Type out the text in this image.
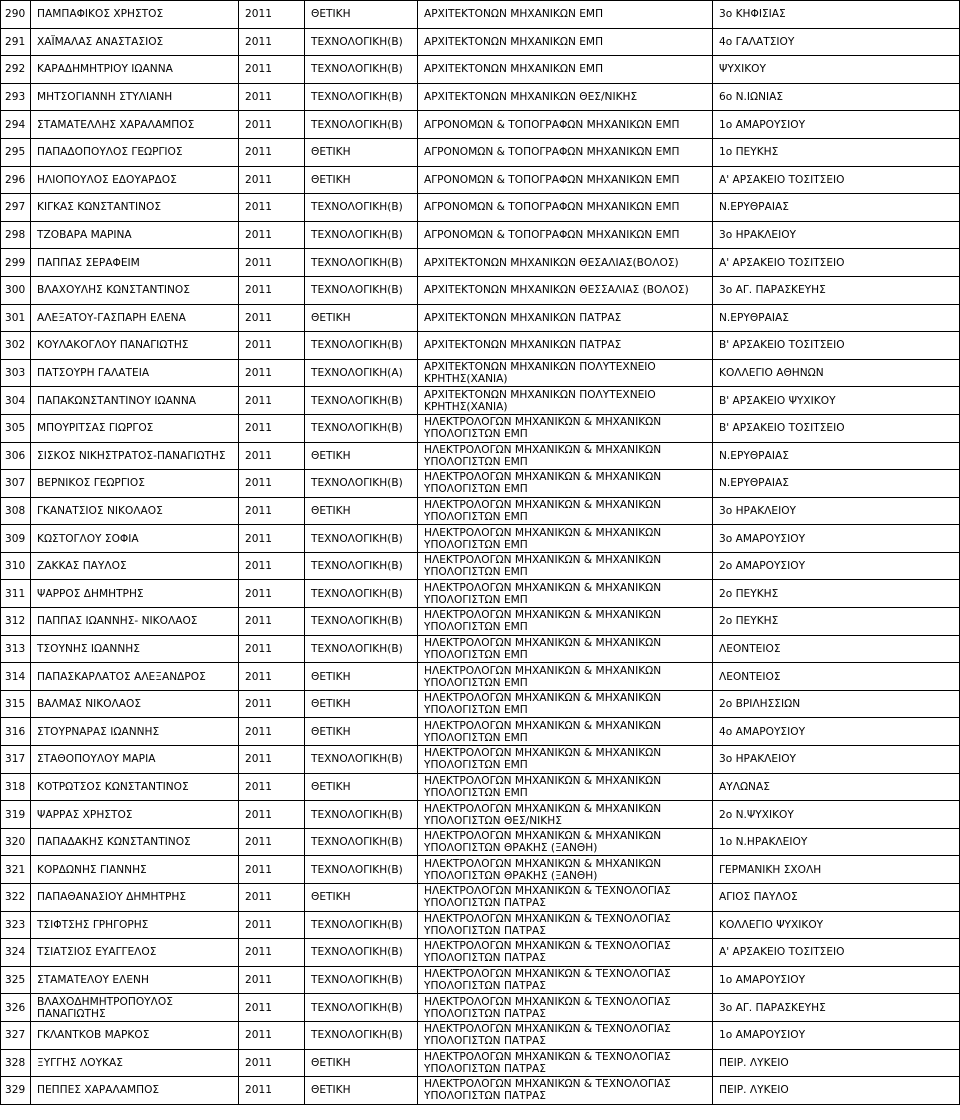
290	ΠΑΜΠΑΦΙΚΟΣ ΧΡΗΣΤΟΣ	2011	ΘΕΤΙΚΗ	ΑΡΧΙΤΕΚΤΟΝΩΝ ΜΗΧΑΝΙΚΩΝ ΕΜΠ	3ο ΚΗΦΙΣΙΑΣ
291	ΧΑΪΜΑΛΑΣ ΑΝΑΣΤΑΣΙΟΣ	2011	ΤΕΧΝΟΛΟΓΙΚΗ(Β)	ΑΡΧΙΤΕΚΤΟΝΩΝ ΜΗΧΑΝΙΚΩΝ ΕΜΠ	4ο ΓΑΛΑΤΣΙΟΥ
292	ΚΑΡΑΔΗΜΗΤΡΙΟΥ ΙΩΑΝΝΑ	2011	ΤΕΧΝΟΛΟΓΙΚΗ(Β)	ΑΡΧΙΤΕΚΤΟΝΩΝ ΜΗΧΑΝΙΚΩΝ ΕΜΠ	ΨΥΧΙΚΟΥ
293	ΜΗΤΣΟΓΙΑΝΝΗ ΣΤΥΛΙΑΝΗ	2011	ΤΕΧΝΟΛΟΓΙΚΗ(Β)	ΑΡΧΙΤΕΚΤΟΝΩΝ ΜΗΧΑΝΙΚΩΝ ΘΕΣ/ΝΙΚΗΣ	6ο Ν.ΙΩΝΙΑΣ
294	ΣΤΑΜΑΤΕΛΛΗΣ ΧΑΡΑΛΑΜΠΟΣ	2011	ΤΕΧΝΟΛΟΓΙΚΗ(Β)	ΑΓΡΟΝΟΜΩΝ & ΤΟΠΟΓΡΑΦΩΝ ΜΗΧΑΝΙΚΩΝ ΕΜΠ	1ο ΑΜΑΡΟΥΣΙΟΥ
295	ΠΑΠΑΔΟΠΟΥΛΟΣ ΓΕΩΡΓΙΟΣ	2011	ΘΕΤΙΚΗ	ΑΓΡΟΝΟΜΩΝ & ΤΟΠΟΓΡΑΦΩΝ ΜΗΧΑΝΙΚΩΝ ΕΜΠ	1ο ΠΕΥΚΗΣ
296	ΗΛΙΟΠΟΥΛΟΣ ΕΔΟΥΑΡΔΟΣ	2011	ΘΕΤΙΚΗ	ΑΓΡΟΝΟΜΩΝ & ΤΟΠΟΓΡΑΦΩΝ ΜΗΧΑΝΙΚΩΝ ΕΜΠ	Α' ΑΡΣΑΚΕΙΟ ΤΟΣΙΤΣΕΙΟ
297	ΚΙΓΚΑΣ ΚΩΝΣΤΑΝΤΙΝΟΣ	2011	ΤΕΧΝΟΛΟΓΙΚΗ(Β)	ΑΓΡΟΝΟΜΩΝ & ΤΟΠΟΓΡΑΦΩΝ ΜΗΧΑΝΙΚΩΝ ΕΜΠ	Ν.ΕΡΥΘΡΑΙΑΣ
298	ΤΖΟΒΑΡΑ ΜΑΡΙΝΑ	2011	ΤΕΧΝΟΛΟΓΙΚΗ(Β)	ΑΓΡΟΝΟΜΩΝ & ΤΟΠΟΓΡΑΦΩΝ ΜΗΧΑΝΙΚΩΝ ΕΜΠ	3ο ΗΡΑΚΛΕΙΟΥ
299	ΠΑΠΠΑΣ ΣΕΡΑΦΕΙΜ	2011	ΤΕΧΝΟΛΟΓΙΚΗ(Β)	ΑΡΧΙΤΕΚΤΟΝΩΝ ΜΗΧΑΝΙΚΩΝ ΘΕΣΑΛΙΑΣ(ΒΟΛΟΣ)	Α' ΑΡΣΑΚΕΙΟ ΤΟΣΙΤΣΕΙΟ
300	ΒΛΑΧΟΥΛΗΣ ΚΩΝΣΤΑΝΤΙΝΟΣ	2011	ΤΕΧΝΟΛΟΓΙΚΗ(Β)	ΑΡΧΙΤΕΚΤΟΝΩΝ ΜΗΧΑΝΙΚΩΝ ΘΕΣΣΑΛΙΑΣ (ΒΟΛΟΣ)	3ο ΑΓ. ΠΑΡΑΣΚΕΥΗΣ
301	ΑΛΕΞΑΤΟΥ-ΓΑΣΠΑΡΗ ΕΛΕΝΑ	2011	ΘΕΤΙΚΗ	ΑΡΧΙΤΕΚΤΟΝΩΝ ΜΗΧΑΝΙΚΩΝ ΠΑΤΡΑΣ	Ν.ΕΡΥΘΡΑΙΑΣ
302	ΚΟΥΛΑΚΟΓΛΟΥ ΠΑΝΑΓΙΩΤΗΣ	2011	ΤΕΧΝΟΛΟΓΙΚΗ(Β)	ΑΡΧΙΤΕΚΤΟΝΩΝ ΜΗΧΑΝΙΚΩΝ ΠΑΤΡΑΣ	Β' ΑΡΣΑΚΕΙΟ ΤΟΣΙΤΣΕΙΟ
303	ΠΑΤΣΟΥΡΗ ΓΑΛΑΤΕΙΑ	2011	ΤΕΧΝΟΛΟΓΙΚΗ(Α)	ΑΡΧΙΤΕΚΤΟΝΩΝ ΜΗΧΑΝΙΚΩΝ ΠΟΛΥΤΕΧΝΕΙΟ ΚΡΗΤΗΣ(ΧΑΝΙΑ)	ΚΟΛΛΕΓΙΟ ΑΘΗΝΩΝ
304	ΠΑΠΑΚΩΝΣΤΑΝΤΙΝΟΥ ΙΩΑΝΝΑ	2011	ΤΕΧΝΟΛΟΓΙΚΗ(Β)	ΑΡΧΙΤΕΚΤΟΝΩΝ ΜΗΧΑΝΙΚΩΝ ΠΟΛΥΤΕΧΝΕΙΟ ΚΡΗΤΗΣ(ΧΑΝΙΑ)	Β' ΑΡΣΑΚΕΙΟ ΨΥΧΙΚΟΥ
305	ΜΠΟΥΡΙΤΣΑΣ ΓΙΩΡΓΟΣ	2011	ΤΕΧΝΟΛΟΓΙΚΗ(Β)	ΗΛΕΚΤΡΟΛΟΓΩΝ ΜΗΧΑΝΙΚΩΝ & ΜΗΧΑΝΙΚΩΝ ΥΠΟΛΟΓΙΣΤΩΝ ΕΜΠ	Β' ΑΡΣΑΚΕΙΟ ΤΟΣΙΤΣΕΙΟ
306	ΣΙΣΚΟΣ ΝΙΚΗΣΤΡΑΤΟΣ-ΠΑΝΑΓΙΩΤΗΣ	2011	ΘΕΤΙΚΗ	ΗΛΕΚΤΡΟΛΟΓΩΝ ΜΗΧΑΝΙΚΩΝ & ΜΗΧΑΝΙΚΩΝ ΥΠΟΛΟΓΙΣΤΩΝ ΕΜΠ	Ν.ΕΡΥΘΡΑΙΑΣ
307	ΒΕΡΝΙΚΟΣ ΓΕΩΡΓΙΟΣ	2011	ΤΕΧΝΟΛΟΓΙΚΗ(Β)	ΗΛΕΚΤΡΟΛΟΓΩΝ ΜΗΧΑΝΙΚΩΝ & ΜΗΧΑΝΙΚΩΝ ΥΠΟΛΟΓΙΣΤΩΝ ΕΜΠ	Ν.ΕΡΥΘΡΑΙΑΣ
308	ΓΚΑΝΑΤΣΙΟΣ ΝΙΚΟΛΑΟΣ	2011	ΘΕΤΙΚΗ	ΗΛΕΚΤΡΟΛΟΓΩΝ ΜΗΧΑΝΙΚΩΝ & ΜΗΧΑΝΙΚΩΝ ΥΠΟΛΟΓΙΣΤΩΝ ΕΜΠ	3ο ΗΡΑΚΛΕΙΟΥ
309	ΚΩΣΤΟΓΛΟΥ ΣΟΦΙΑ	2011	ΤΕΧΝΟΛΟΓΙΚΗ(Β)	ΗΛΕΚΤΡΟΛΟΓΩΝ ΜΗΧΑΝΙΚΩΝ & ΜΗΧΑΝΙΚΩΝ ΥΠΟΛΟΓΙΣΤΩΝ ΕΜΠ	3ο ΑΜΑΡΟΥΣΙΟΥ
310	ΖΑΚΚΑΣ ΠΑΥΛΟΣ	2011	ΤΕΧΝΟΛΟΓΙΚΗ(Β)	ΗΛΕΚΤΡΟΛΟΓΩΝ ΜΗΧΑΝΙΚΩΝ & ΜΗΧΑΝΙΚΩΝ ΥΠΟΛΟΓΙΣΤΩΝ ΕΜΠ	2ο ΑΜΑΡΟΥΣΙΟΥ
311	ΨΑΡΡΟΣ ΔΗΜΗΤΡΗΣ	2011	ΤΕΧΝΟΛΟΓΙΚΗ(Β)	ΗΛΕΚΤΡΟΛΟΓΩΝ ΜΗΧΑΝΙΚΩΝ & ΜΗΧΑΝΙΚΩΝ ΥΠΟΛΟΓΙΣΤΩΝ ΕΜΠ	2ο ΠΕΥΚΗΣ
312	ΠΑΠΠΑΣ ΙΩΑΝΝΗΣ- ΝΙΚΟΛΑΟΣ	2011	ΤΕΧΝΟΛΟΓΙΚΗ(Β)	ΗΛΕΚΤΡΟΛΟΓΩΝ ΜΗΧΑΝΙΚΩΝ & ΜΗΧΑΝΙΚΩΝ ΥΠΟΛΟΓΙΣΤΩΝ ΕΜΠ	2ο ΠΕΥΚΗΣ
313	ΤΣΟΥΝΗΣ ΙΩΑΝΝΗΣ	2011	ΤΕΧΝΟΛΟΓΙΚΗ(Β)	ΗΛΕΚΤΡΟΛΟΓΩΝ ΜΗΧΑΝΙΚΩΝ & ΜΗΧΑΝΙΚΩΝ ΥΠΟΛΟΓΙΣΤΩΝ ΕΜΠ	ΛΕΟΝΤΕΙΟΣ
314	ΠΑΠΑΣΚΑΡΛΑΤΟΣ ΑΛΕΞΑΝΔΡΟΣ	2011	ΘΕΤΙΚΗ	ΗΛΕΚΤΡΟΛΟΓΩΝ ΜΗΧΑΝΙΚΩΝ & ΜΗΧΑΝΙΚΩΝ ΥΠΟΛΟΓΙΣΤΩΝ ΕΜΠ	ΛΕΟΝΤΕΙΟΣ
315	ΒΑΛΜΑΣ ΝΙΚΟΛΑΟΣ	2011	ΘΕΤΙΚΗ	ΗΛΕΚΤΡΟΛΟΓΩΝ ΜΗΧΑΝΙΚΩΝ & ΜΗΧΑΝΙΚΩΝ ΥΠΟΛΟΓΙΣΤΩΝ ΕΜΠ	2ο ΒΡΙΛΗΣΣΙΩΝ
316	ΣΤΟΥΡΝΑΡΑΣ ΙΩΑΝΝΗΣ	2011	ΘΕΤΙΚΗ	ΗΛΕΚΤΡΟΛΟΓΩΝ ΜΗΧΑΝΙΚΩΝ & ΜΗΧΑΝΙΚΩΝ ΥΠΟΛΟΓΙΣΤΩΝ ΕΜΠ	4ο ΑΜΑΡΟΥΣΙΟΥ
317	ΣΤΑΘΟΠΟΥΛΟΥ ΜΑΡΙΑ	2011	ΤΕΧΝΟΛΟΓΙΚΗ(Β)	ΗΛΕΚΤΡΟΛΟΓΩΝ ΜΗΧΑΝΙΚΩΝ & ΜΗΧΑΝΙΚΩΝ ΥΠΟΛΟΓΙΣΤΩΝ ΕΜΠ	3ο ΗΡΑΚΛΕΙΟΥ
318	ΚΟΤΡΩΤΣΟΣ ΚΩΝΣΤΑΝΤΙΝΟΣ	2011	ΘΕΤΙΚΗ	ΗΛΕΚΤΡΟΛΟΓΩΝ ΜΗΧΑΝΙΚΩΝ & ΜΗΧΑΝΙΚΩΝ ΥΠΟΛΟΓΙΣΤΩΝ ΕΜΠ	ΑΥΛΩΝΑΣ
319	ΨΑΡΡΑΣ ΧΡΗΣΤΟΣ	2011	ΤΕΧΝΟΛΟΓΙΚΗ(Β)	ΗΛΕΚΤΡΟΛΟΓΩΝ ΜΗΧΑΝΙΚΩΝ & ΜΗΧΑΝΙΚΩΝ ΥΠΟΛΟΓΙΣΤΩΝ ΘΕΣ/ΝΙΚΗΣ	2ο Ν.ΨΥΧΙΚΟΥ
320	ΠΑΠΑΔΑΚΗΣ ΚΩΝΣΤΑΝΤΙΝΟΣ	2011	ΤΕΧΝΟΛΟΓΙΚΗ(Β)	ΗΛΕΚΤΡΟΛΟΓΩΝ ΜΗΧΑΝΙΚΩΝ & ΜΗΧΑΝΙΚΩΝ ΥΠΟΛΟΓΙΣΤΩΝ ΘΡΑΚΗΣ (ΞΑΝΘΗ)	1ο Ν.ΗΡΑΚΛΕΙΟΥ
321	ΚΟΡΔΩΝΗΣ ΓΙΑΝΝΗΣ	2011	ΤΕΧΝΟΛΟΓΙΚΗ(Β)	ΗΛΕΚΤΡΟΛΟΓΩΝ ΜΗΧΑΝΙΚΩΝ & ΜΗΧΑΝΙΚΩΝ ΥΠΟΛΟΓΙΣΤΩΝ ΘΡΑΚΗΣ (ΞΑΝΘΗ)	ΓΕΡΜΑΝΙΚΗ ΣΧΟΛΗ
322	ΠΑΠΑΘΑΝΑΣΙΟΥ ΔΗΜΗΤΡΗΣ	2011	ΘΕΤΙΚΗ	ΗΛΕΚΤΡΟΛΟΓΩΝ ΜΗΧΑΝΙΚΩΝ & ΤΕΧΝΟΛΟΓΙΑΣ ΥΠΟΛΟΓΙΣΤΩΝ ΠΑΤΡΑΣ	ΑΓΙΟΣ ΠΑΥΛΟΣ
323	ΤΣΙΦΤΣΗΣ ΓΡΗΓΟΡΗΣ	2011	ΤΕΧΝΟΛΟΓΙΚΗ(Β)	ΗΛΕΚΤΡΟΛΟΓΩΝ ΜΗΧΑΝΙΚΩΝ & ΤΕΧΝΟΛΟΓΙΑΣ ΥΠΟΛΟΓΙΣΤΩΝ ΠΑΤΡΑΣ	ΚΟΛΛΕΓΙΟ ΨΥΧΙΚΟΥ
324	ΤΣΙΑΤΣΙΟΣ ΕΥΑΓΓΕΛΟΣ	2011	ΤΕΧΝΟΛΟΓΙΚΗ(Β)	ΗΛΕΚΤΡΟΛΟΓΩΝ ΜΗΧΑΝΙΚΩΝ & ΤΕΧΝΟΛΟΓΙΑΣ ΥΠΟΛΟΓΙΣΤΩΝ ΠΑΤΡΑΣ	Α' ΑΡΣΑΚΕΙΟ ΤΟΣΙΤΣΕΙΟ
325	ΣΤΑΜΑΤΕΛΟΥ ΕΛΕΝΗ	2011	ΤΕΧΝΟΛΟΓΙΚΗ(Β)	ΗΛΕΚΤΡΟΛΟΓΩΝ ΜΗΧΑΝΙΚΩΝ & ΤΕΧΝΟΛΟΓΙΑΣ ΥΠΟΛΟΓΙΣΤΩΝ ΠΑΤΡΑΣ	1ο ΑΜΑΡΟΥΣΙΟΥ
326	ΒΛΑΧΟΔΗΜΗΤΡΟΠΟΥΛΟΣ ΠΑΝΑΓΙΩΤΗΣ	2011	ΤΕΧΝΟΛΟΓΙΚΗ(Β)	ΗΛΕΚΤΡΟΛΟΓΩΝ ΜΗΧΑΝΙΚΩΝ & ΤΕΧΝΟΛΟΓΙΑΣ ΥΠΟΛΟΓΙΣΤΩΝ ΠΑΤΡΑΣ	3ο ΑΓ. ΠΑΡΑΣΚΕΥΗΣ
327	ΓΚΛΑΝΤΚΟΒ ΜΑΡΚΟΣ	2011	ΤΕΧΝΟΛΟΓΙΚΗ(Β)	ΗΛΕΚΤΡΟΛΟΓΩΝ ΜΗΧΑΝΙΚΩΝ & ΤΕΧΝΟΛΟΓΙΑΣ ΥΠΟΛΟΓΙΣΤΩΝ ΠΑΤΡΑΣ	1ο ΑΜΑΡΟΥΣΙΟΥ
328	ΞΥΓΓΗΣ ΛΟΥΚΑΣ	2011	ΘΕΤΙΚΗ	ΗΛΕΚΤΡΟΛΟΓΩΝ ΜΗΧΑΝΙΚΩΝ & ΤΕΧΝΟΛΟΓΙΑΣ ΥΠΟΛΟΓΙΣΤΩΝ ΠΑΤΡΑΣ	ΠΕΙΡ. ΛΥΚΕΙΟ
329	ΠΕΠΠΕΣ ΧΑΡΑΛΑΜΠΟΣ	2011	ΘΕΤΙΚΗ	ΗΛΕΚΤΡΟΛΟΓΩΝ ΜΗΧΑΝΙΚΩΝ & ΤΕΧΝΟΛΟΓΙΑΣ ΥΠΟΛΟΓΙΣΤΩΝ ΠΑΤΡΑΣ	ΠΕΙΡ. ΛΥΚΕΙΟ
